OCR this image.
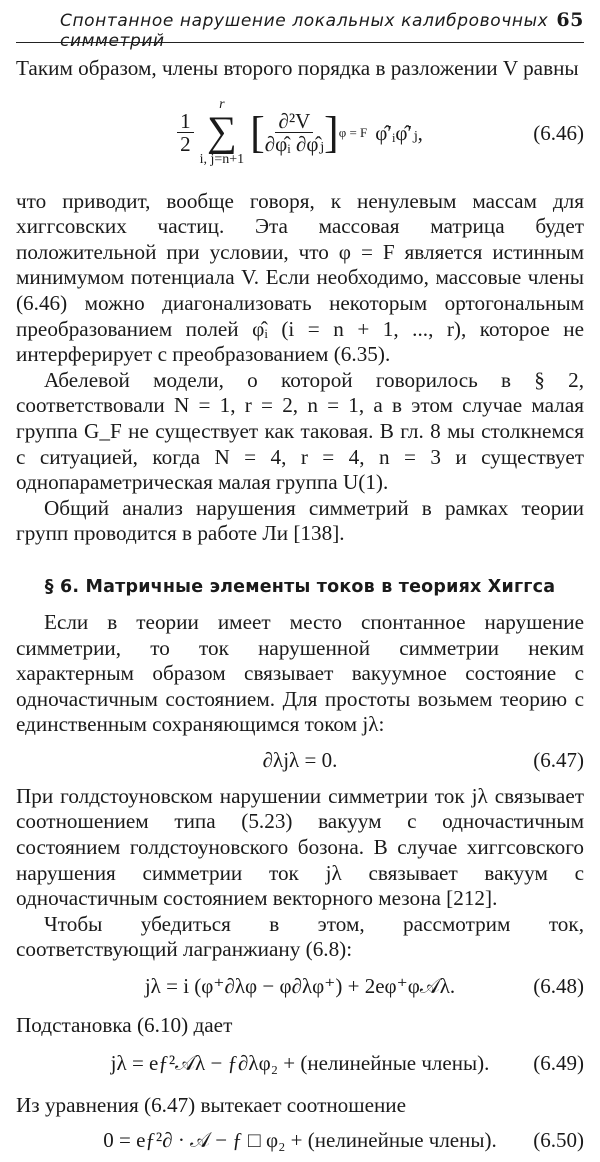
Спонтанное нарушение локальных калибровочных симметрий
65

Таким образом, члены второго порядка в разложении V равны

$\frac{1}{2}$
r
∑
i, j=n+1
[ $\frac{\text{∂²V}}{\text{∂φ̂ᵢ ∂φ̂ⱼ}}$ ] φ = F φ̂′ᵢφ̂′ⱼ,	(6.46)

что приводит, вообще говоря, к ненулевым массам для хиггсовских частиц. Эта массовая матрица будет положительной при условии, что φ = F является истинным минимумом потенциала V. Если необходимо, массовые члены (6.46) можно диагонализовать некоторым ортогональным преобразованием полей φ̂ᵢ (i = n + 1, ..., r), которое не интерферирует с преобразованием (6.35).

Абелевой модели, о которой говорилось в § 2, соответствовали N = 1, r = 2, n = 1, а в этом случае малая группа G_F не существует как таковая. В гл. 8 мы столкнемся с ситуацией, когда N = 4, r = 4, n = 3 и существует однопараметрическая малая группа U(1).

Общий анализ нарушения симметрий в рамках теории групп проводится в работе Ли [138].

§ 6. Матричные элементы токов в теориях Хиггса

Если в теории имеет место спонтанное нарушение симметрии, то ток нарушенной симметрии неким характерным образом связывает вакуумное состояние с одночастичным состоянием. Для простоты возьмем теорию с единственным сохраняющимся током jλ:

∂λjλ = 0.	(6.47)

При голдстоуновском нарушении симметрии ток jλ связывает соотношением типа (5.23) вакуум с одночастичным состоянием голдстоуновского бозона. В случае хиггсовского нарушения симметрии ток jλ связывает вакуум с одночастичным состоянием векторного мезона [212].

Чтобы убедиться в этом, рассмотрим ток, соответствующий лагранжиану (6.8):

jλ = i (φ⁺∂λφ − φ∂λφ⁺) + 2eφ⁺φ𝒜λ.	(6.48)

Подстановка (6.10) дает

jλ = eƒ²𝒜λ − ƒ∂λφ₂ + (нелинейные члены). (6.49)

Из уравнения (6.47) вытекает соотношение

0 = eƒ²∂ · 𝒜 − ƒ □ φ₂ + (нелинейные члены). (6.50)
